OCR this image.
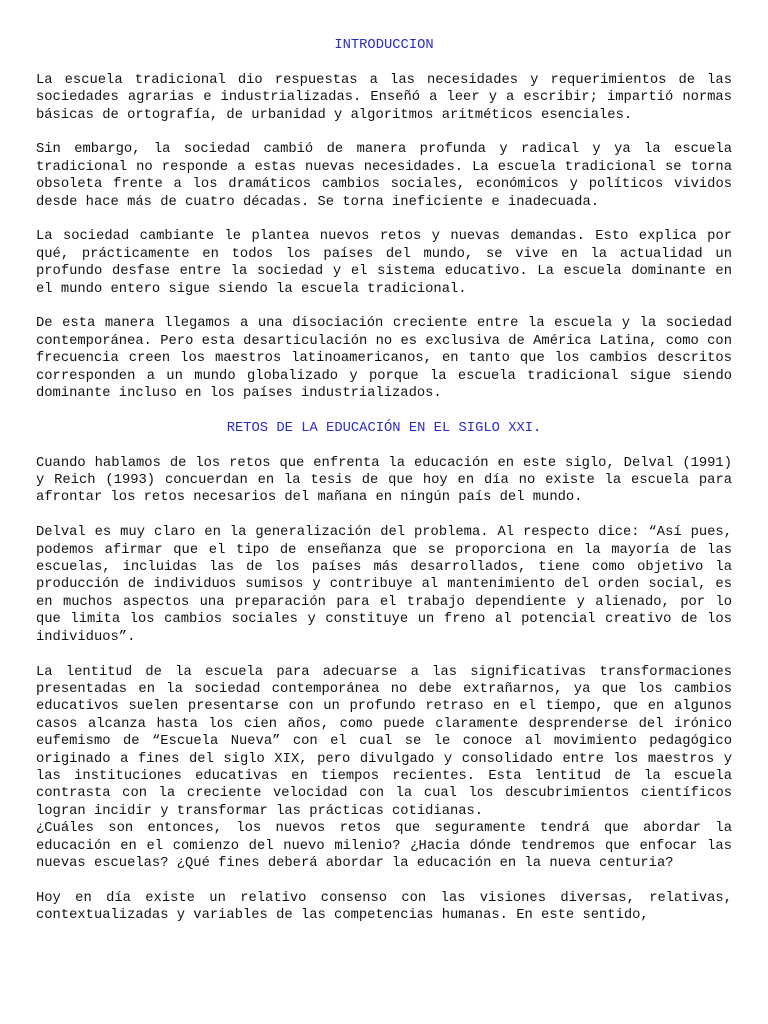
INTRODUCCION

La escuela tradicional dio respuestas a las necesidades y requerimientos de las sociedades agrarias e industrializadas. Enseñó a leer y a escribir; impartió normas básicas de ortografía, de urbanidad y algoritmos aritméticos esenciales.

Sin embargo, la sociedad cambió de manera profunda y radical y ya la escuela tradicional no responde a estas nuevas necesidades. La escuela tradicional se torna obsoleta frente a los dramáticos cambios sociales, económicos y políticos vividos desde hace más de cuatro décadas. Se torna ineficiente e inadecuada.

La sociedad cambiante le plantea nuevos retos y nuevas demandas. Esto explica por qué, prácticamente en todos los países del mundo, se vive en la actualidad un profundo desfase entre la sociedad y el sistema educativo. La escuela dominante en el mundo entero sigue siendo la escuela tradicional.

De esta manera llegamos a una disociación creciente entre la escuela y la sociedad contemporánea. Pero esta desarticulación no es exclusiva de América Latina, como con frecuencia creen los maestros latinoamericanos, en tanto que los cambios descritos corresponden a un mundo globalizado y porque la escuela tradicional sigue siendo dominante incluso en los países industrializados.

RETOS DE LA EDUCACIÓN EN EL SIGLO XXI.

Cuando hablamos de los retos que enfrenta la educación en este siglo, Delval (1991) y Reich (1993) concuerdan en la tesis de que hoy en día no existe la escuela para afrontar los retos necesarios del mañana en ningún país del mundo.

Delval es muy claro en la generalización del problema. Al respecto dice: “Así pues, podemos afirmar que el tipo de enseñanza que se proporciona en la mayoría de las escuelas, incluidas las de los países más desarrollados, tiene como objetivo la producción de individuos sumisos y contribuye al mantenimiento del orden social, es en muchos aspectos una preparación para el trabajo dependiente y alienado, por lo que limita los cambios sociales y constituye un freno al potencial creativo de los individuos”.

La lentitud de la escuela para adecuarse a las significativas transformaciones presentadas en la sociedad contemporánea no debe extrañarnos, ya que los cambios educativos suelen presentarse con un profundo retraso en el tiempo, que en algunos casos alcanza hasta los cien años, como puede claramente desprenderse del irónico eufemismo de “Escuela Nueva” con el cual se le conoce al movimiento pedagógico originado a fines del siglo XIX, pero divulgado y consolidado entre los maestros y las instituciones educativas en tiempos recientes. Esta lentitud de la escuela contrasta con la creciente velocidad con la cual los descubrimientos científicos logran incidir y transformar las prácticas cotidianas.

¿Cuáles son entonces, los nuevos retos que seguramente tendrá que abordar la educación en el comienzo del nuevo milenio? ¿Hacia dónde tendremos que enfocar las nuevas escuelas? ¿Qué fines deberá abordar la educación en la nueva centuria?

Hoy en día existe un relativo consenso con las visiones diversas, relativas, contextualizadas y variables de las competencias humanas. En este sentido,
